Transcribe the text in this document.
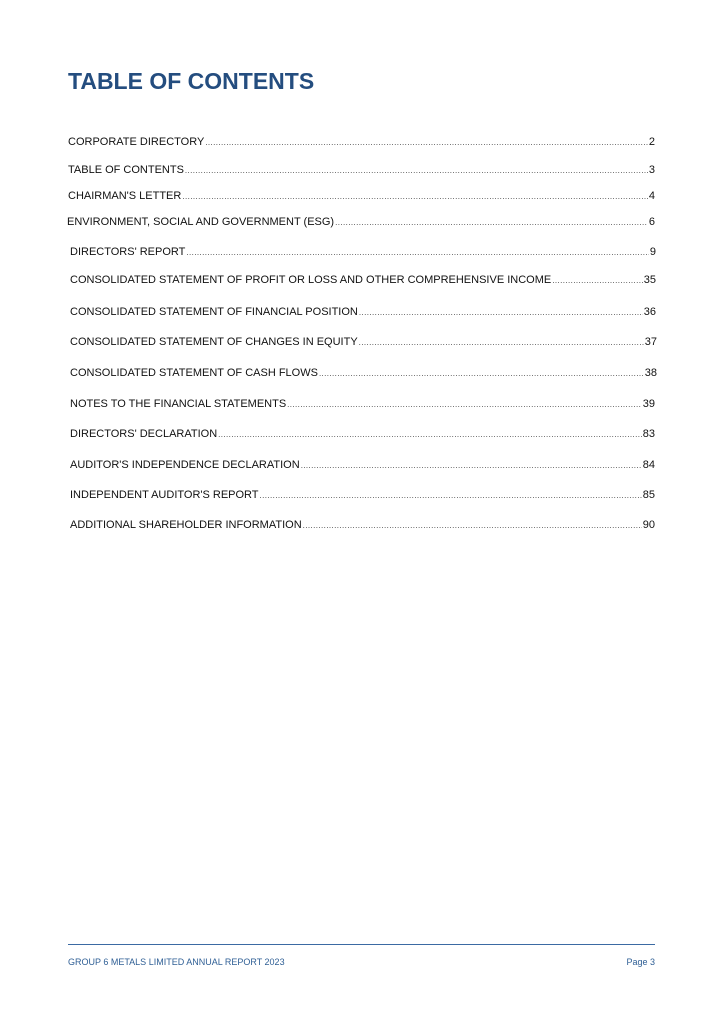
TABLE OF CONTENTS
CORPORATE DIRECTORY .....	2
TABLE OF CONTENTS .....	3
CHAIRMAN'S LETTER .....	4
ENVIRONMENT, SOCIAL AND GOVERNMENT (ESG) .....	6
DIRECTORS' REPORT .....	9
CONSOLIDATED STATEMENT OF PROFIT OR LOSS AND OTHER COMPREHENSIVE INCOME .....	35
CONSOLIDATED STATEMENT OF FINANCIAL POSITION .....	36
CONSOLIDATED STATEMENT OF CHANGES IN EQUITY .....	37
CONSOLIDATED STATEMENT OF CASH FLOWS .....	38
NOTES TO THE FINANCIAL STATEMENTS .....	39
DIRECTORS' DECLARATION .....	83
AUDITOR'S INDEPENDENCE DECLARATION .....	84
INDEPENDENT AUDITOR'S REPORT .....	85
ADDITIONAL SHAREHOLDER INFORMATION .....	90
GROUP 6 METALS LIMITED ANNUAL REPORT 2023	Page 3
